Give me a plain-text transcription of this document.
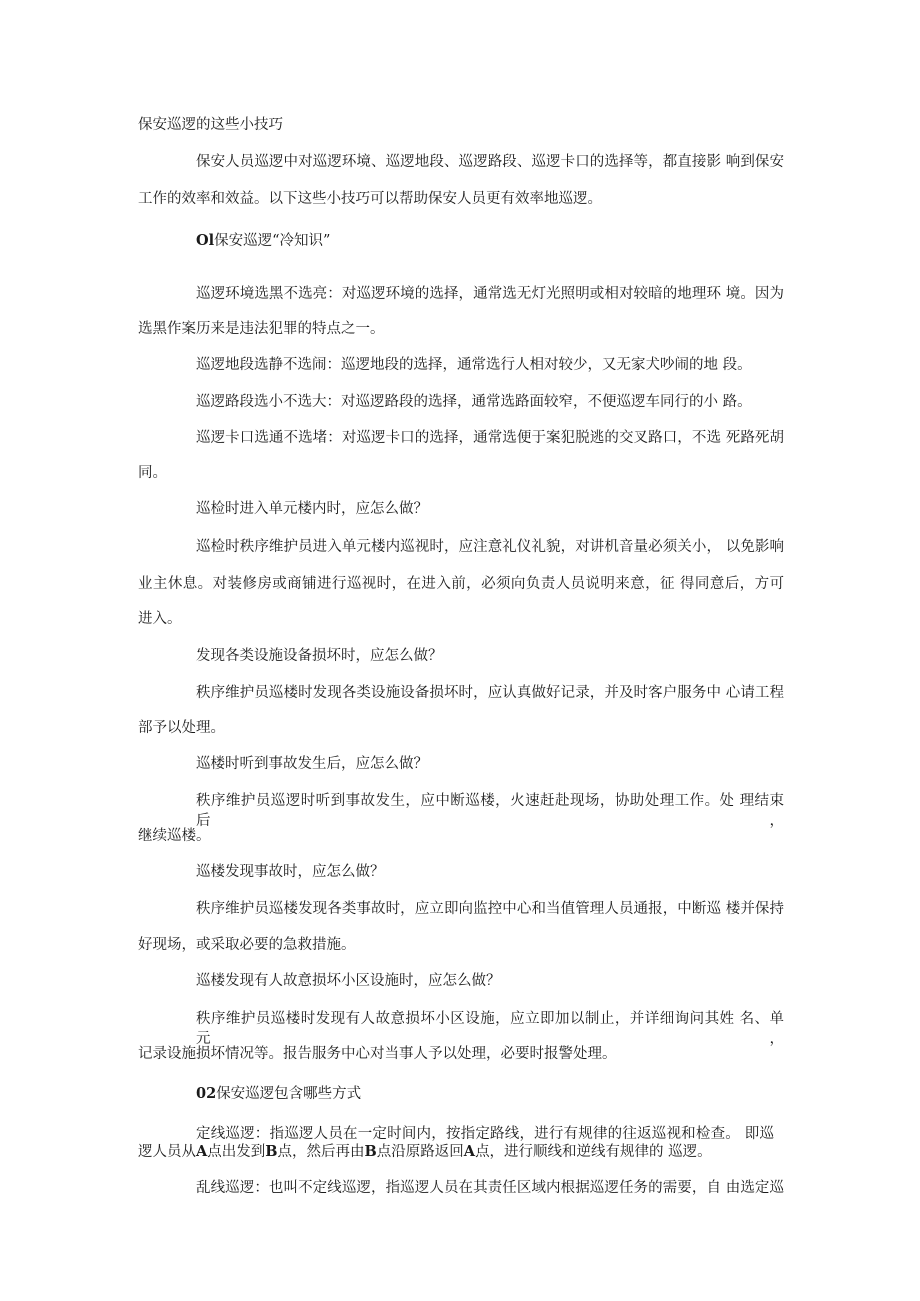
保安巡逻的这些小技巧
保安人员巡逻中对巡逻环境、巡逻地段、巡逻路段、巡逻卡口的选择等，都直接影 响到保安
工作的效率和效益。以下这些小技巧可以帮助保安人员更有效率地巡逻。
Ol保安巡逻“冷知识”
巡逻环境选黑不选亮：对巡逻环境的选择，通常选无灯光照明或相对较暗的地理环 境。因为
选黑作案历来是违法犯罪的特点之一。
巡逻地段选静不选闹：巡逻地段的选择，通常选行人相对较少，又无家犬吵闹的地 段。
巡逻路段选小不选大：对巡逻路段的选择，通常选路面较窄，不便巡逻车同行的小 路。
巡逻卡口选通不选堵：对巡逻卡口的选择，通常选便于案犯脱逃的交叉路口，不选 死路死胡
同。
巡检时进入单元楼内时，应怎么做？
巡检时秩序维护员进入单元楼内巡视时，应注意礼仪礼貌，对讲机音量必须关小， 以免影响
业主休息。对装修房或商铺进行巡视时，在进入前，必须向负责人员说明来意，征 得同意后，方可
进入。
发现各类设施设备损坏时，应怎么做？
秩序维护员巡楼时发现各类设施设备损坏时，应认真做好记录，并及时客户服务中 心请工程
部予以处理。
巡楼时听到事故发生后，应怎么做？
秩序维护员巡逻时听到事故发生，应中断巡楼，火速赶赴现场，协助处理工作。处 理结束后，
继续巡楼。
巡楼发现事故时，应怎么做？
秩序维护员巡楼发现各类事故时，应立即向监控中心和当值管理人员通报，中断巡 楼并保持
好现场，或采取必要的急救措施。
巡楼发现有人故意损坏小区设施时，应怎么做？
秩序维护员巡楼时发现有人故意损坏小区设施，应立即加以制止，并详细询问其姓 名、单元，
记录设施损坏情况等。报告服务中心对当事人予以处理，必要时报警处理。
02保安巡逻包含哪些方式
定线巡逻：指巡逻人员在一定时间内，按指定路线，进行有规律的往返巡视和检查。 即巡
逻人员从A点出发到B点，然后再由B点沿原路返回A点，进行顺线和逆线有规律的 巡逻。
乱线巡逻：也叫不定线巡逻，指巡逻人员在其责任区域内根据巡逻任务的需要，自 由选定巡
